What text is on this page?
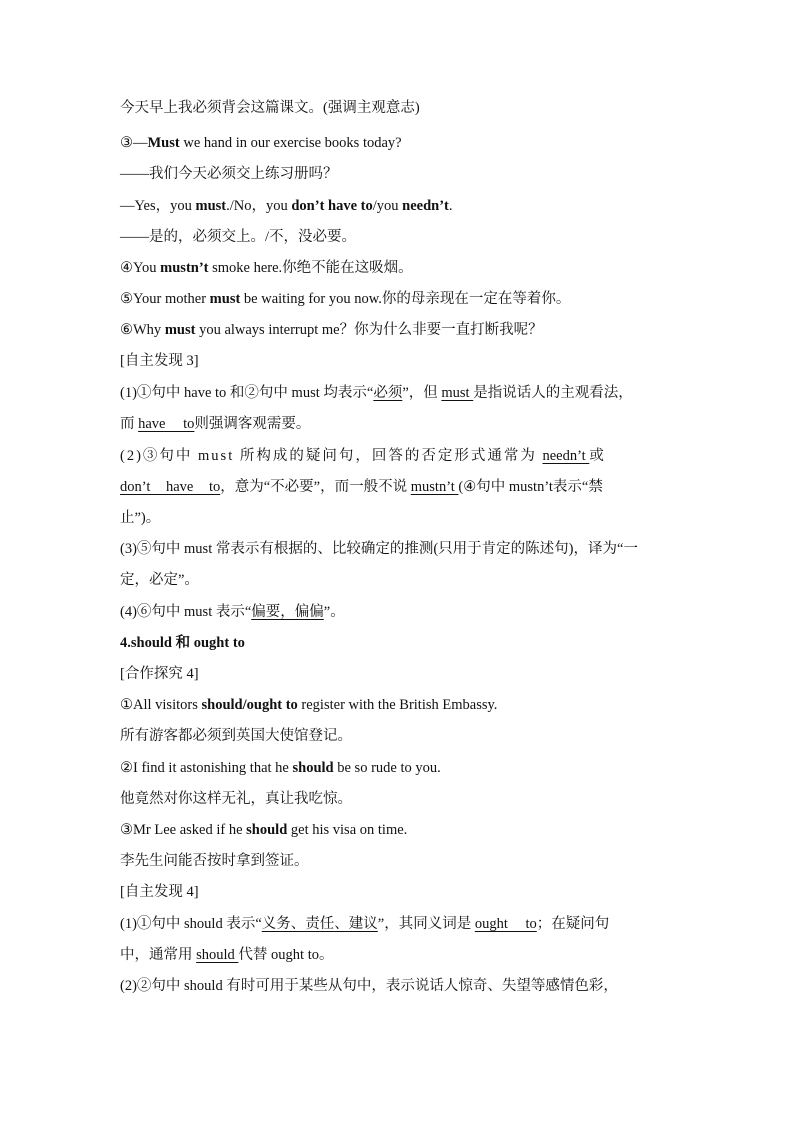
今天早上我必须背会这篇课文。(强调主观意志)
③—Must we hand in our exercise books today?
——我们今天必须交上练习册吗？
—Yes，you must./No，you don’t have to/you needn’t.
——是的，必须交上。/不，没必要。
④You mustn’t smoke here.你绝不能在这吸烟。
⑤Your mother must be waiting for you now.你的母亲现在一定在等着你。
⑥Why must you always interrupt me？你为什么非要一直打断我呢？
[自主发现 3]
(1)①句中 have to 和②句中 must 均表示“必须”，但 must 是指说话人的主观看法，
而 have to则强调客观需要。
(2)③句中 must 所构成的疑问句，回答的否定形式通常为 needn’t 或
don’t have to，意为“不必要”，而一般不说 mustn’t (④句中 mustn’t表示“禁
止”)。
(3)⑤句中 must 常表示有根据的、比较确定的推测(只用于肯定的陈述句)，译为“一
定，必定”。
(4)⑥句中 must 表示“偏要，偏偏”。
4.should 和 ought to
[合作探究 4]
①All visitors should/ought to register with the British Embassy.
所有游客都必须到英国大使馆登记。
②I find it astonishing that he should be so rude to you.
他竟然对你这样无礼，真让我吃惊。
③Mr Lee asked if he should get his visa on time.
李先生问能否按时拿到签证。
[自主发现 4]
(1)①句中 should 表示“义务、责任、建议”，其同义词是 ought to；在疑问句
中，通常用 should 代替 ought to。
(2)②句中 should 有时可用于某些从句中，表示说话人惊奇、失望等感情色彩，
